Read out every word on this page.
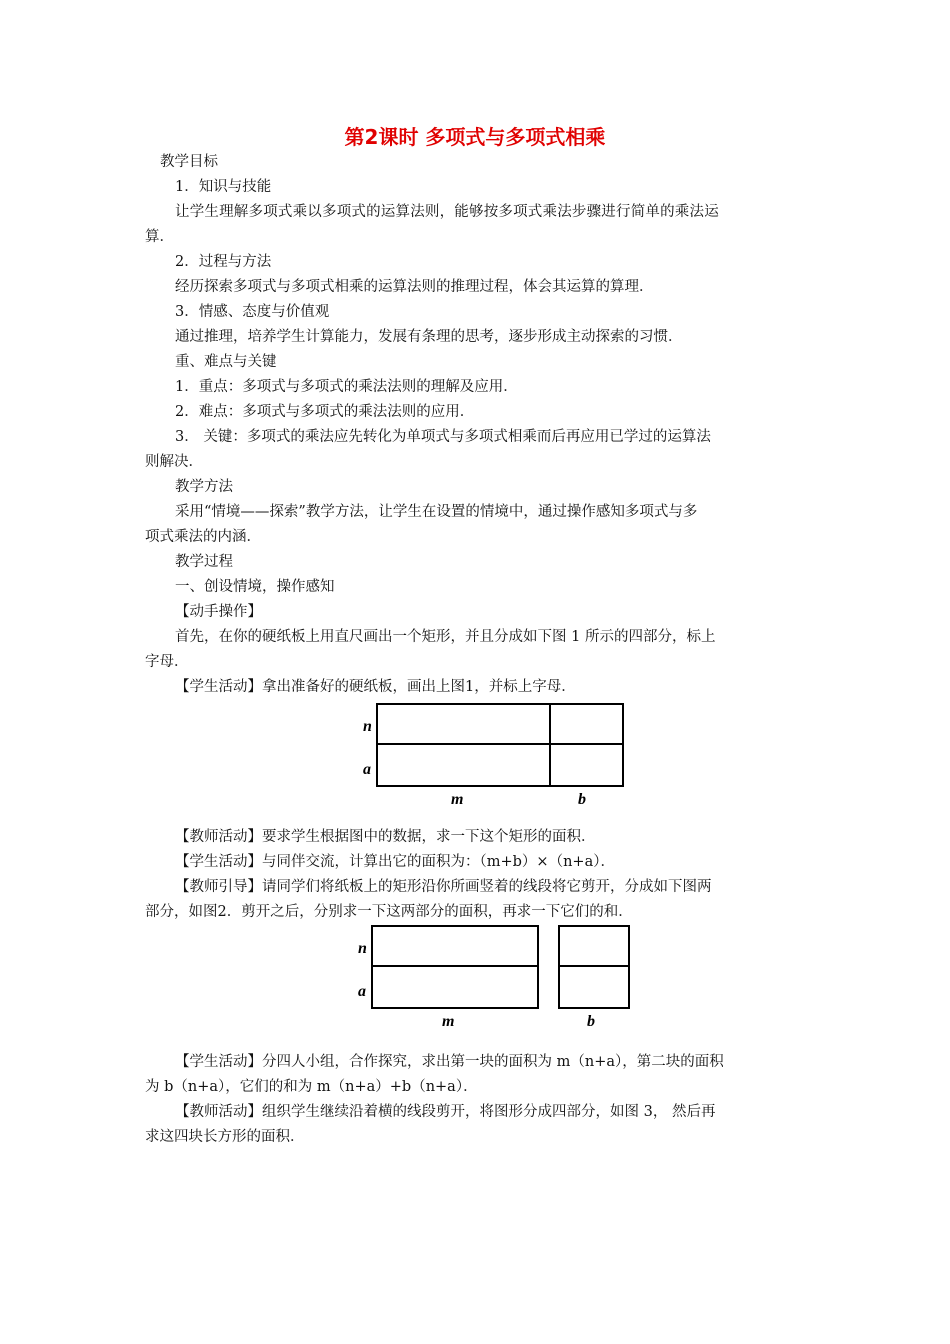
第2课时 多项式与多项式相乘
教学目标
1．知识与技能
让学生理解多项式乘以多项式的运算法则，能够按多项式乘法步骤进行简单的乘法运
算．
2．过程与方法
经历探索多项式与多项式相乘的运算法则的推理过程，体会其运算的算理．
3．情感、态度与价值观
通过推理，培养学生计算能力，发展有条理的思考，逐步形成主动探索的习惯．
重、难点与关键
1．重点：多项式与多项式的乘法法则的理解及应用．
2．难点：多项式与多项式的乘法法则的应用．
3． 关键：多项式的乘法应先转化为单项式与多项式相乘而后再应用已学过的运算法
则解决．
教学方法
采用“情境——探索”教学方法，让学生在设置的情境中，通过操作感知多项式与多
项式乘法的内涵．
教学过程
一、创设情境，操作感知
【动手操作】
首先，在你的硬纸板上用直尺画出一个矩形，并且分成如下图 1 所示的四部分，标上
字母．
【学生活动】拿出准备好的硬纸板，画出上图1，并标上字母．
n
a
m	b
【教师活动】要求学生根据图中的数据，求一下这个矩形的面积．
【学生活动】与同伴交流，计算出它的面积为：（m+b）×（n+a）．
【教师引导】请同学们将纸板上的矩形沿你所画竖着的线段将它剪开，分成如下图两
部分，如图2．剪开之后，分别求一下这两部分的面积，再求一下它们的和．
n
a
m	b
【学生活动】分四人小组，合作探究，求出第一块的面积为 m（n+a），第二块的面积
为 b（n+a），它们的和为 m（n+a）+b（n+a）．
【教师活动】组织学生继续沿着横的线段剪开，将图形分成四部分，如图 3， 然后再
求这四块长方形的面积．
